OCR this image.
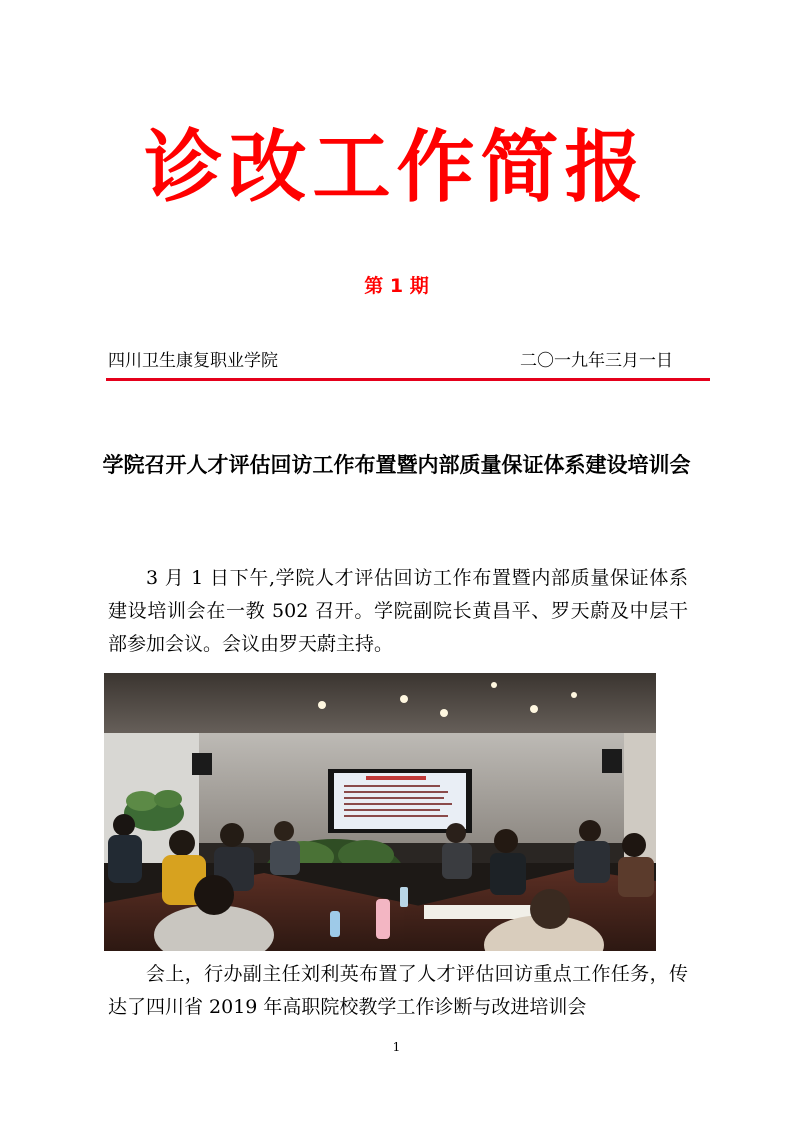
诊改工作简报
第 1 期
四川卫生康复职业学院	二〇一九年三月一日
学院召开人才评估回访工作布置暨内部质量保证体系建设培训会

3 月 1 日下午,学院人才评估回访工作布置暨内部质量保证体系建设培训会在一教 502 召开。学院副院长黄昌平、罗天蔚及中层干部参加会议。会议由罗天蔚主持。

会上，行办副主任刘利英布置了人才评估回访重点工作任务，传达了四川省 2019 年高职院校教学工作诊断与改进培训会

1
